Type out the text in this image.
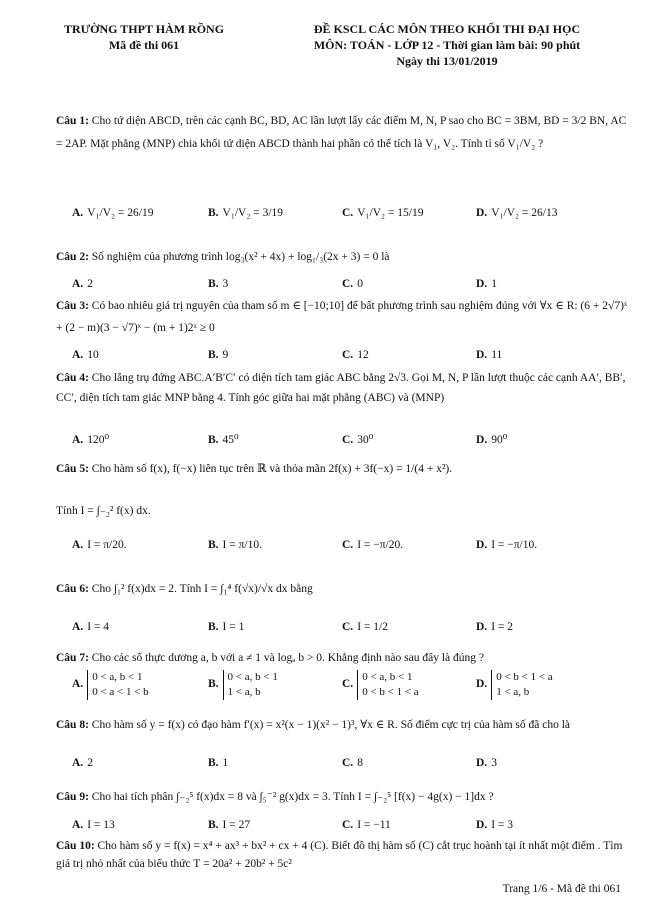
TRƯỜNG THPT HÀM RỒNG
Mã đề thi 061
ĐỀ KSCL CÁC MÔN THEO KHỐI THI ĐẠI HỌC
MÔN: TOÁN - LỚP 12 - Thời gian làm bài: 90 phút
Ngày thi 13/01/2019
Câu 1: Cho tứ diện ABCD, trên các cạnh BC, BD, AC lần lượt lấy các điểm M, N, P sao cho BC = 3BM, BD = 3/2 BN, AC = 2AP. Mặt phẳng (MNP) chia khối tứ diện ABCD thành hai phần có thể tích là V₁, V₂. Tính tỉ số V₁/V₂ ?
A. V₁/V₂ = 26/19	B. V₁/V₂ = 3/19	C. V₁/V₂ = 15/19	D. V₁/V₂ = 26/13
Câu 2: Số nghiệm của phương trình log₃(x² + 4x) + log₁/₃(2x + 3) = 0 là
A. 2	B. 3	C. 0	D. 1
Câu 3: Có bao nhiêu giá trị nguyên của tham số m ∈ [−10;10] để bất phương trình sau nghiệm đúng với ∀x ∈ R: (6 + 2√7)ˣ + (2 − m)(3 − √7)ˣ − (m + 1)2ˣ ≥ 0
A. 10	B. 9	C. 12	D. 11
Câu 4: Cho lăng trụ đứng ABC.A′B′C′ có diện tích tam giác ABC bằng 2√3. Gọi M, N, P lần lượt thuộc các cạnh AA′, BB′, CC′, diện tích tam giác MNP bằng 4. Tính góc giữa hai mặt phẳng (ABC) và (MNP)
A. 120⁰	B. 45⁰	C. 30⁰	D. 90⁰
Câu 5: Cho hàm số f(x), f(−x) liên tục trên ℝ và thỏa mãn 2f(x) + 3f(−x) = 1/(4 + x²).
Tính I = ∫₋₂² f(x) dx.
A. I = π/20.	B. I = π/10.	C. I = −π/20.	D. I = −π/10.
Câu 6: Cho ∫₁² f(x)dx = 2. Tính I = ∫₁⁴ f(√x)/√x dx bằng
A. I = 4	B. I = 1	C. I = 1/2	D. I = 2
Câu 7: Cho các số thực dương a, b với a ≠ 1 và logₐ b > 0. Khẳng định nào sau đây là đúng ?
A.
0 < a, b < 1
0 < a < 1 < b
B.
0 < a, b < 1
1 < a, b
C.
0 < a, b < 1
0 < b < 1 < a
D.
0 < b < 1 < a
1 < a, b
Câu 8: Cho hàm số y = f(x) có đạo hàm f′(x) = x²(x − 1)(x² − 1)³, ∀x ∈ R. Số điểm cực trị của hàm số đã cho là
A. 2	B. 1	C. 8	D. 3
Câu 9: Cho hai tích phân ∫₋₂⁵ f(x)dx = 8 và ∫₅⁻² g(x)dx = 3. Tính I = ∫₋₂⁵ [f(x) − 4g(x) − 1]dx ?
A. I = 13	B. I = 27	C. I = −11	D. I = 3
Câu 10: Cho hàm số y = f(x) = x⁴ + ax³ + bx² + cx + 4 (C). Biết đồ thị hàm số (C) cắt trục hoành tại ít nhất một điểm . Tìm giá trị nhỏ nhất của biểu thức T = 20a² + 20b² + 5c²
Trang 1/6 - Mã đề thi 061
